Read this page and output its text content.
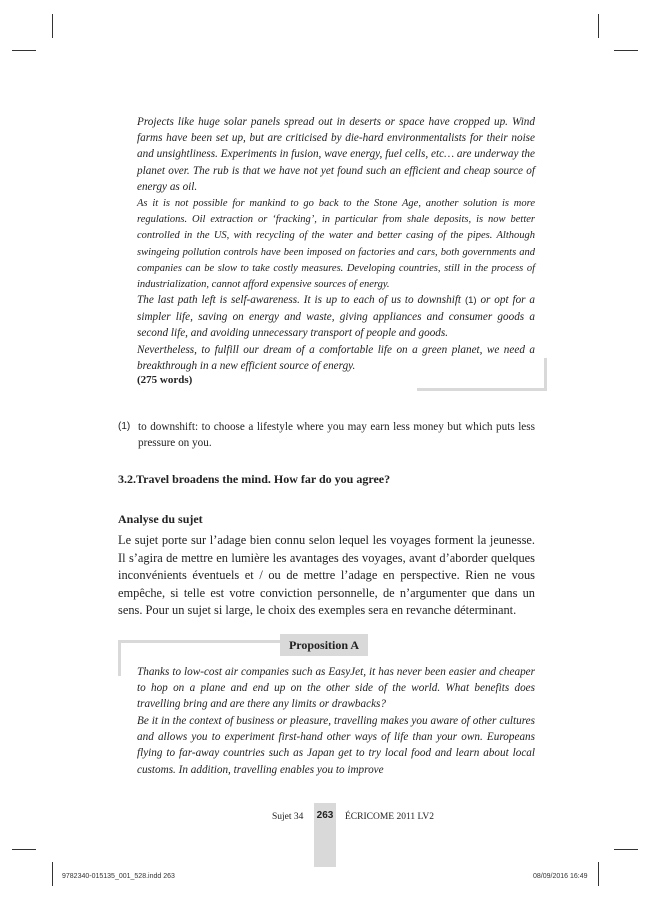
Projects like huge solar panels spread out in deserts or space have cropped up. Wind farms have been set up, but are criticised by die-hard environmentalists for their noise and unsightliness. Experiments in fusion, wave energy, fuel cells, etc… are underway the planet over. The rub is that we have not yet found such an efficient and cheap source of energy as oil.

As it is not possible for mankind to go back to the Stone Age, another solution is more regulations. Oil extraction or ‘fracking’, in particular from shale deposits, is now better controlled in the US, with recycling of the water and better casing of the pipes. Although swingeing pollution controls have been imposed on factories and cars, both governments and companies can be slow to take costly measures. Developing countries, still in the process of industrialization, cannot afford expensive sources of energy.

The last path left is self-awareness. It is up to each of us to downshift (1) or opt for a simpler life, saving on energy and waste, giving appliances and consumer goods a second life, and avoiding unnecessary transport of people and goods.

Nevertheless, to fulfill our dream of a comfortable life on a green planet, we need a breakthrough in a new efficient source of energy.

(275 words)
(1) to downshift: to choose a lifestyle where you may earn less money but which puts less pressure on you.
3.2.Travel broadens the mind. How far do you agree?
Analyse du sujet

Le sujet porte sur l’adage bien connu selon lequel les voyages forment la jeunesse. Il s’agira de mettre en lumière les avantages des voyages, avant d’aborder quelques inconvénients éventuels et / ou de mettre l’adage en perspective. Rien ne vous empêche, si telle est votre conviction personnelle, de n’argumenter que dans un sens. Pour un sujet si large, le choix des exemples sera en revanche déterminant.

Proposition A

Thanks to low-cost air companies such as EasyJet, it has never been easier and cheaper to hop on a plane and end up on the other side of the world. What benefits does travelling bring and are there any limits or drawbacks?

Be it in the context of business or pleasure, travelling makes you aware of other cultures and allows you to experiment first-hand other ways of life than your own. Europeans flying to far-away countries such as Japan get to try local food and learn about local customs. In addition, travelling enables you to improve

Sujet 34 263 ÉCRICOME 2011 LV2
9782340-015135_001_528.indd 263	08/09/2016 16:49
